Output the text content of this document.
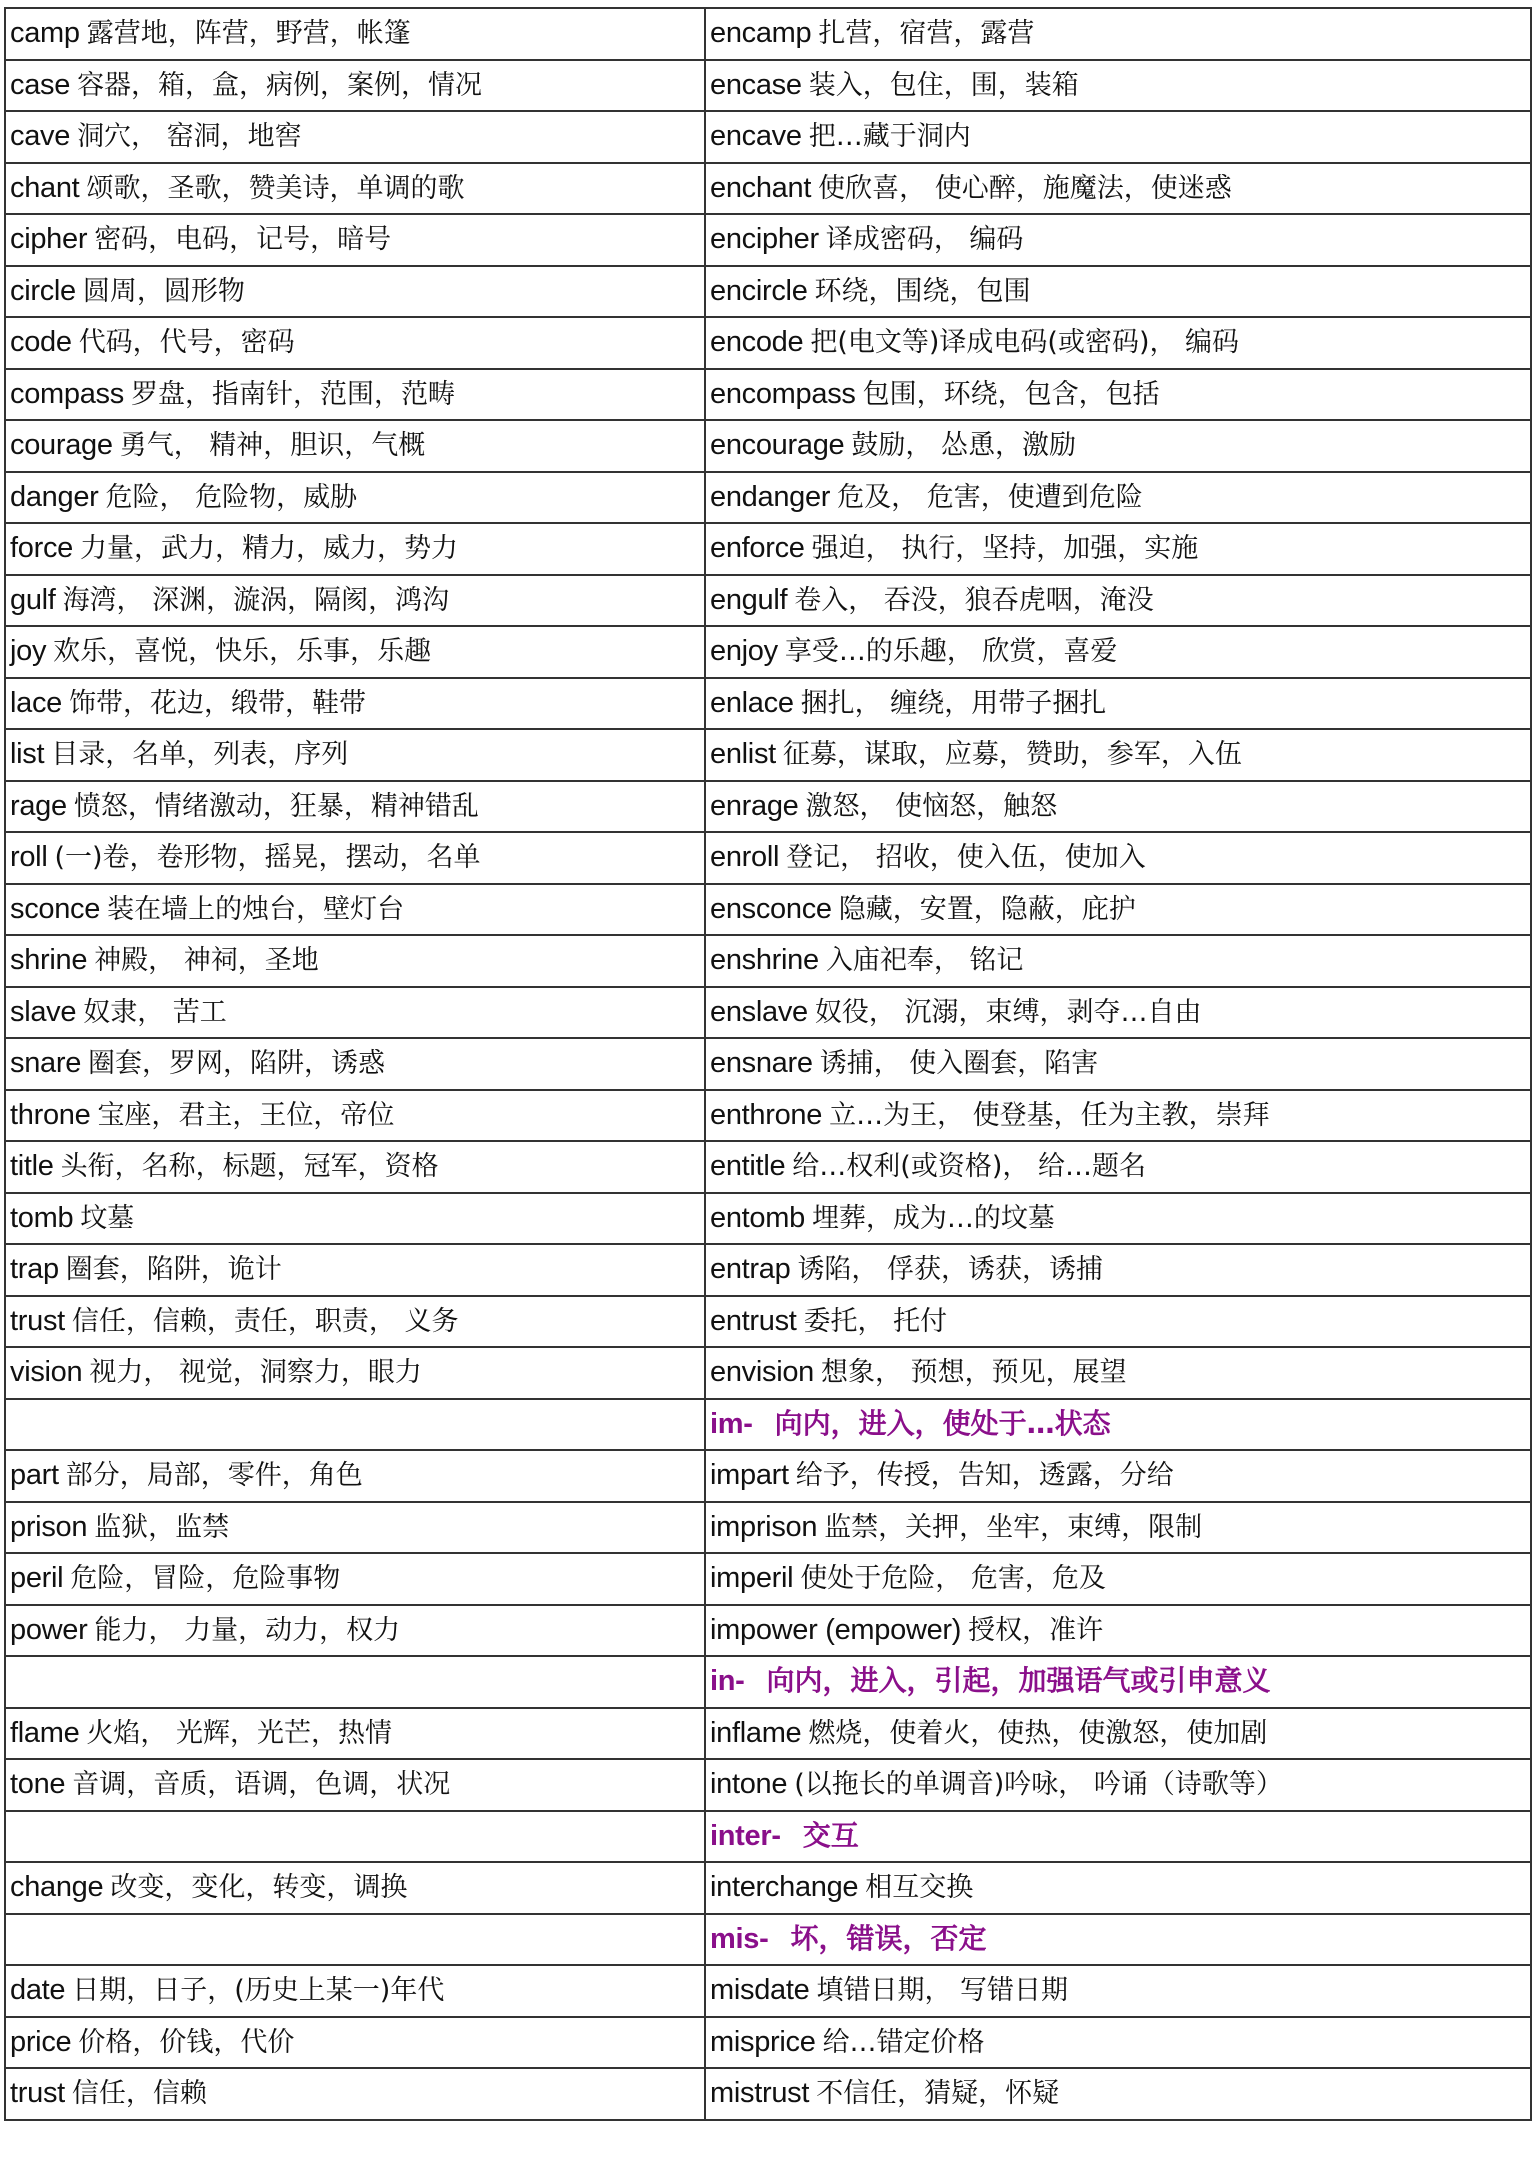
camp 露营地，阵营，野营，帐篷	encamp 扎营，宿营，露营
case 容器，箱，盒，病例，案例，情况	encase 装入，包住，围，装箱
cave 洞穴， 窑洞，地窖	encave 把…藏于洞内
chant 颂歌，圣歌，赞美诗，单调的歌	enchant 使欣喜， 使心醉，施魔法，使迷惑
cipher 密码，电码，记号，暗号	encipher 译成密码， 编码
circle 圆周，圆形物	encircle 环绕，围绕，包围
code 代码，代号，密码	encode 把(电文等)译成电码(或密码)， 编码
compass 罗盘，指南针，范围，范畴	encompass 包围，环绕，包含，包括
courage 勇气， 精神，胆识，气概	encourage 鼓励， 怂恿，激励
danger 危险， 危险物，威胁	endanger 危及， 危害，使遭到危险
force 力量，武力，精力，威力，势力	enforce 强迫， 执行，坚持，加强，实施
gulf 海湾， 深渊，漩涡，隔阂，鸿沟	engulf 卷入， 吞没，狼吞虎咽，淹没
joy 欢乐，喜悦，快乐，乐事，乐趣	enjoy 享受…的乐趣， 欣赏，喜爱
lace 饰带，花边，缎带，鞋带	enlace 捆扎， 缠绕，用带子捆扎
list 目录，名单，列表，序列	enlist 征募，谋取，应募，赞助，参军，入伍
rage 愤怒，情绪激动，狂暴，精神错乱	enrage 激怒， 使恼怒，触怒
roll (一)卷，卷形物，摇晃，摆动，名单	enroll 登记， 招收，使入伍，使加入
sconce 装在墙上的烛台，壁灯台	ensconce 隐藏，安置，隐蔽，庇护
shrine 神殿， 神祠，圣地	enshrine 入庙祀奉， 铭记
slave 奴隶， 苦工	enslave 奴役， 沉溺，束缚，剥夺…自由
snare 圈套，罗网，陷阱，诱惑	ensnare 诱捕， 使入圈套，陷害
throne 宝座，君主，王位，帝位	enthrone 立…为王， 使登基，任为主教，崇拜
title 头衔，名称，标题，冠军，资格	entitle 给…权利(或资格)， 给…题名
tomb 坟墓	entomb 埋葬，成为…的坟墓
trap 圈套，陷阱，诡计	entrap 诱陷， 俘获，诱获，诱捕
trust 信任，信赖，责任，职责， 义务	entrust 委托， 托付
vision 视力， 视觉，洞察力，眼力	envision 想象， 预想，预见，展望
	im- 向内，进入，使处于…状态
part 部分，局部，零件，角色	impart 给予，传授，告知，透露，分给
prison 监狱，监禁	imprison 监禁，关押，坐牢，束缚，限制
peril 危险，冒险，危险事物	imperil 使处于危险， 危害，危及
power 能力， 力量，动力，权力	impower (empower) 授权，准许
	in- 向内，进入，引起，加强语气或引申意义
flame 火焰， 光辉，光芒，热情	inflame 燃烧，使着火，使热，使激怒，使加剧
tone 音调，音质，语调，色调，状况	intone (以拖长的单调音)吟咏， 吟诵（诗歌等）
	inter- 交互
change 改变，变化，转变，调换	interchange 相互交换
	mis- 坏，错误，否定
date 日期，日子，(历史上某一)年代	misdate 填错日期， 写错日期
price 价格，价钱，代价	misprice 给…错定价格
trust 信任，信赖	mistrust 不信任，猜疑，怀疑
